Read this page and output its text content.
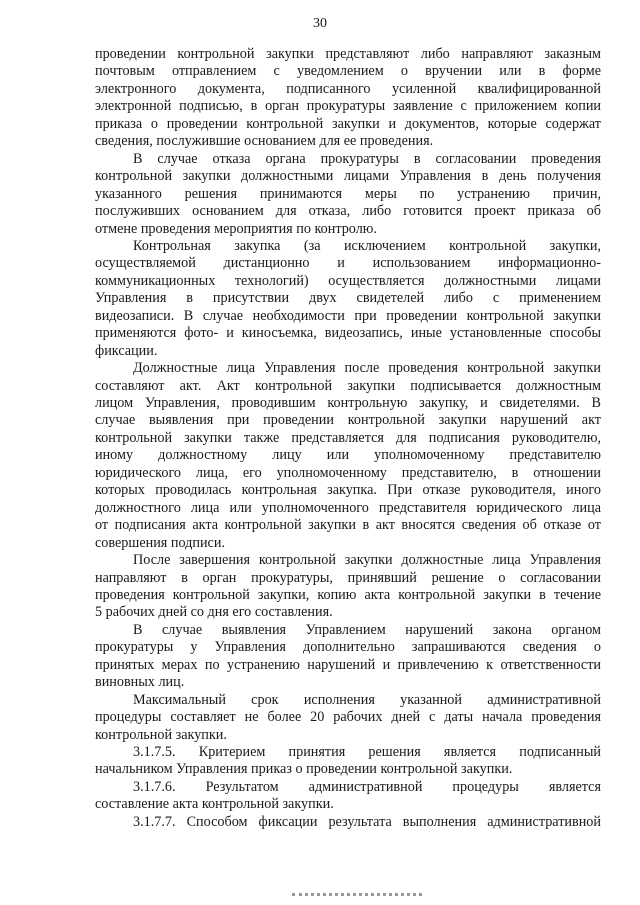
30
проведении контрольной закупки представляют либо направляют заказным
почтовым отправлением с уведомлением о вручении или в форме
электронного документа, подписанного усиленной квалифицированной
электронной подписью, в орган прокуратуры заявление с приложением копии
приказа о проведении контрольной закупки и документов, которые содержат
сведения, послужившие основанием для ее проведения.
В случае отказа органа прокуратуры в согласовании проведения
контрольной закупки должностными лицами Управления в день получения
указанного решения принимаются меры по устранению причин,
послуживших основанием для отказа, либо готовится проект приказа об
отмене проведения мероприятия по контролю.
Контрольная закупка (за исключением контрольной закупки,
осуществляемой дистанционно и использованием информационно-
коммуникационных технологий) осуществляется должностными лицами
Управления в присутствии двух свидетелей либо с применением
видеозаписи. В случае необходимости при проведении контрольной закупки
применяются фото- и киносъемка, видеозапись, иные установленные способы
фиксации.
Должностные лица Управления после проведения контрольной закупки
составляют акт. Акт контрольной закупки подписывается должностным
лицом Управления, проводившим контрольную закупку, и свидетелями. В
случае выявления при проведении контрольной закупки нарушений акт
контрольной закупки также представляется для подписания руководителю,
иному должностному лицу или уполномоченному представителю
юридического лица, его уполномоченному представителю, в отношении
которых проводилась контрольная закупка. При отказе руководителя, иного
должностного лица или уполномоченного представителя юридического лица
от подписания акта контрольной закупки в акт вносятся сведения об отказе от
совершения подписи.
После завершения контрольной закупки должностные лица Управления
направляют в орган прокуратуры, принявший решение о согласовании
проведения контрольной закупки, копию акта контрольной закупки в течение
5 рабочих дней со дня его составления.
В случае выявления Управлением нарушений закона органом
прокуратуры у Управления дополнительно запрашиваются сведения о
принятых мерах по устранению нарушений и привлечению к ответственности
виновных лиц.
Максимальный срок исполнения указанной административной
процедуры составляет не более 20 рабочих дней с даты начала проведения
контрольной закупки.
3.1.7.5. Критерием принятия решения является подписанный
начальником Управления приказ о проведении контрольной закупки.
3.1.7.6. Результатом административной процедуры является
составление акта контрольной закупки.
3.1.7.7. Способом фиксации результата выполнения административной
